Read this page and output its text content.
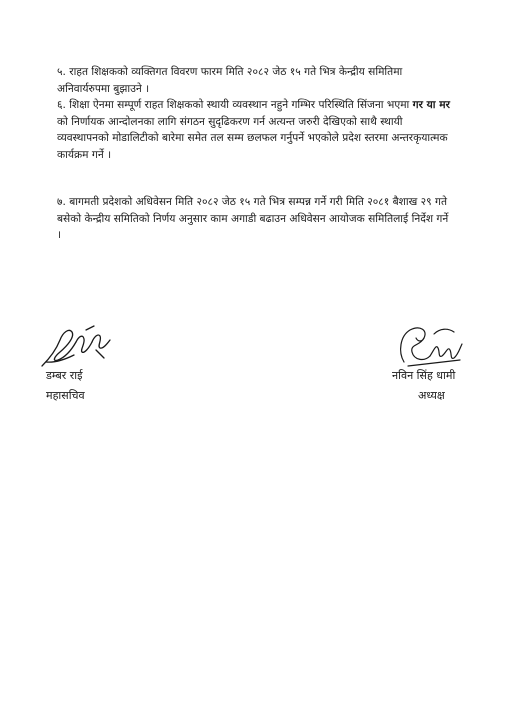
५. राहत शिक्षकको व्यक्तिगत विवरण फारम मिति २०८२ जेठ १५ गते भित्र केन्द्रीय समितिमा अनिवार्यरुपमा बुझाउने ।

६. शिक्षा ऐनमा सम्पूर्ण राहत शिक्षकको स्थायी व्यवस्थान नहुने गम्भिर परिस्थिति सिंजना भएमा गर या मर को निर्णायक आन्दोलनका लागि संगठन सुदृढिकरण गर्न अत्यन्त जरुरी देखिएको साथै स्थायी व्यवस्थापनको मोडालिटीको बारेमा समेत तल सम्म छलफल गर्नुपर्ने भएकोले प्रदेश स्तरमा अन्तरकृयात्मक कार्यक्रम गर्ने ।

७. बागमती प्रदेशको अधिवेसन मिति २०८२ जेठ १५ गते भित्र सम्पन्न गर्ने गरी मिति २०८१ बैशाख २९ गते बसेको केन्द्रीय समितिको निर्णय अनुसार काम अगाडी बढाउन अधिवेसन आयोजक समितिलाई निर्देश गर्ने ।

डम्बर राई

महासचिव

नविन सिंह धामी

अध्यक्ष
